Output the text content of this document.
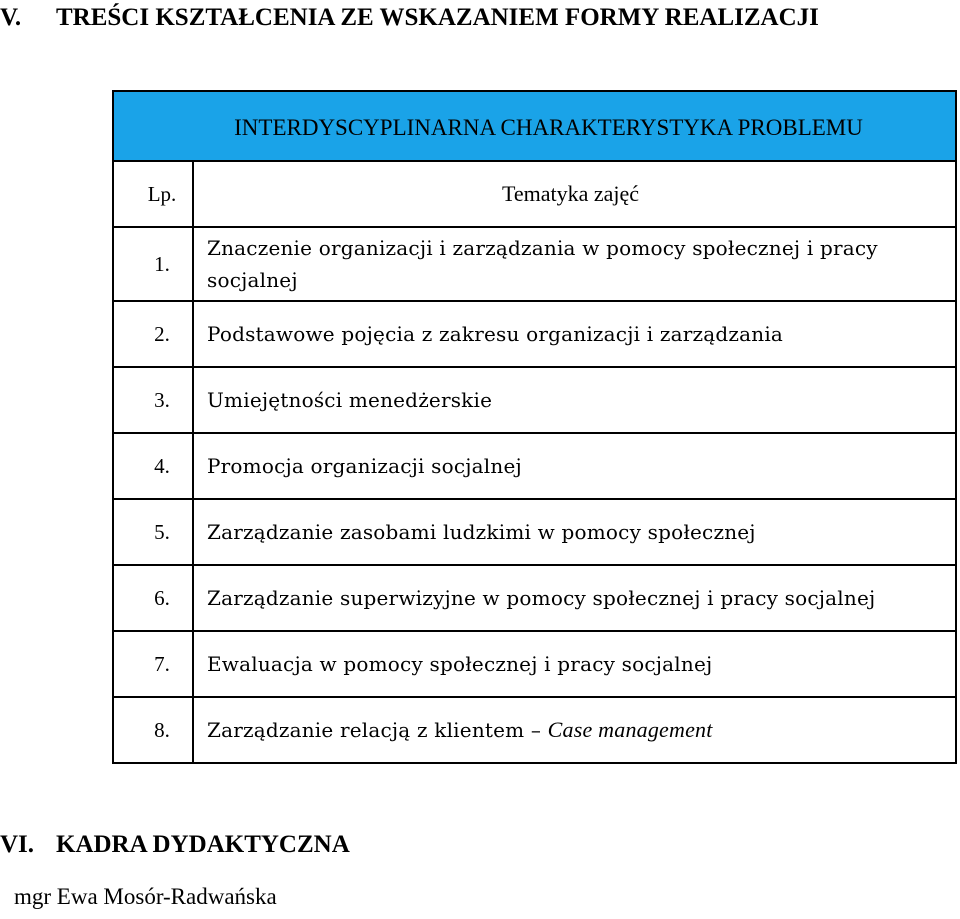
V. TREŚCI KSZTAŁCENIA ZE WSKAZANIEM FORMY REALIZACJI
INTERDYSCYPLINARNA CHARAKTERYSTYKA PROBLEMU	
Lp.	Tematyka zajęć
1.	Znaczenie organizacji i zarządzania w pomocy społecznej i pracy socjalnej
2.	Podstawowe pojęcia z zakresu organizacji i zarządzania
3.	Umiejętności menedżerskie
4.	Promocja organizacji socjalnej
5.	Zarządzanie zasobami ludzkimi w pomocy społecznej
6.	Zarządzanie superwizyjne w pomocy społecznej i pracy socjalnej
7.	Ewaluacja w pomocy społecznej i pracy socjalnej
8.	Zarządzanie relacją z klientem – Case management
VI. KADRA DYDAKTYCZNA

mgr Ewa Mosór-Radwańska
